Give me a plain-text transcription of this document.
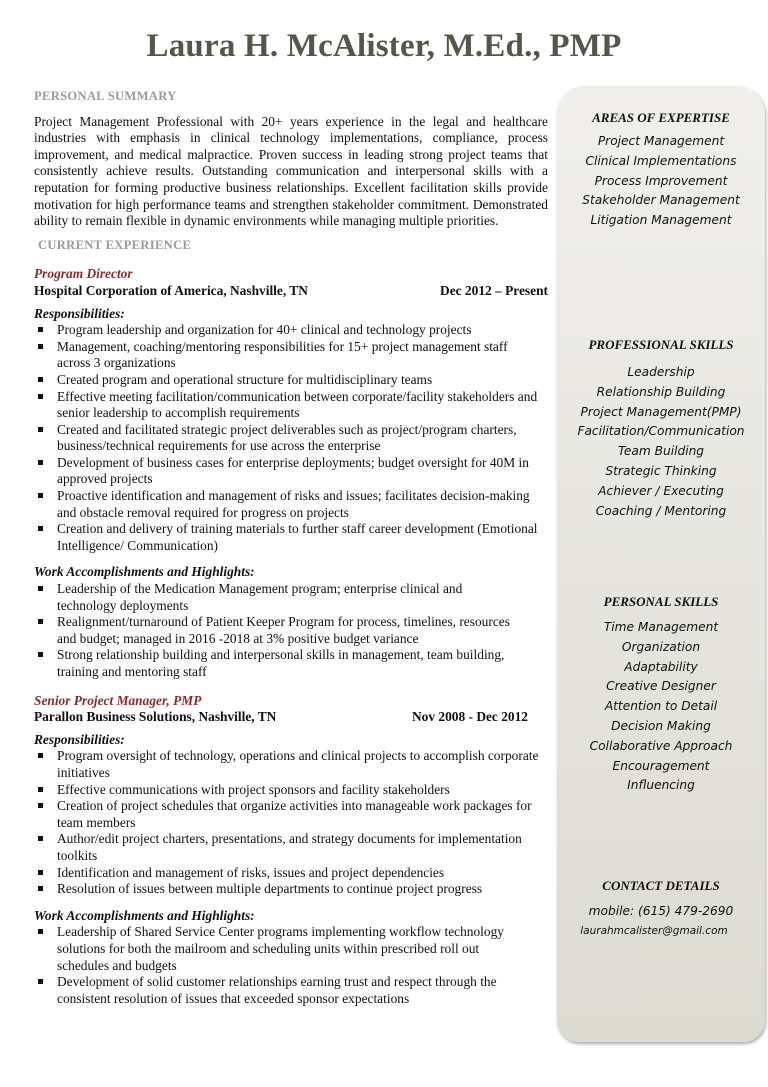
Laura H. McAlister, M.Ed., PMP
PERSONAL SUMMARY
Project Management Professional with 20+ years experience in the legal and healthcare industries with emphasis in clinical technology implementations, compliance, process improvement, and medical malpractice. Proven success in leading strong project teams that consistently achieve results. Outstanding communication and interpersonal skills with a reputation for forming productive business relationships. Excellent facilitation skills provide motivation for high performance teams and strengthen stakeholder commitment. Demonstrated ability to remain flexible in dynamic environments while managing multiple priorities.
CURRENT EXPERIENCE
Program Director
Hospital Corporation of America, Nashville, TN	Dec 2012 – Present
Responsibilities:
Program leadership and organization for 40+ clinical and technology projects
Management, coaching/mentoring responsibilities for 15+ project management staff across 3 organizations
Created program and operational structure for multidisciplinary teams
Effective meeting facilitation/communication between corporate/facility stakeholders and senior leadership to accomplish requirements
Created and facilitated strategic project deliverables such as project/program charters, business/technical requirements for use across the enterprise
Development of business cases for enterprise deployments; budget oversight for 40M in approved projects
Proactive identification and management of risks and issues; facilitates decision-making and obstacle removal required for progress on projects
Creation and delivery of training materials to further staff career development (Emotional Intelligence/ Communication)
Work Accomplishments and Highlights:
Leadership of the Medication Management program; enterprise clinical and technology deployments
Realignment/turnaround of Patient Keeper Program for process, timelines, resources and budget; managed in 2016 -2018 at 3% positive budget variance
Strong relationship building and interpersonal skills in management, team building, training and mentoring staff
Senior Project Manager, PMP
Parallon Business Solutions, Nashville, TN	Nov 2008 - Dec 2012
Responsibilities:
Program oversight of technology, operations and clinical projects to accomplish corporate initiatives
Effective communications with project sponsors and facility stakeholders
Creation of project schedules that organize activities into manageable work packages for team members
Author/edit project charters, presentations, and strategy documents for implementation toolkits
Identification and management of risks, issues and project dependencies
Resolution of issues between multiple departments to continue project progress
Work Accomplishments and Highlights:
Leadership of Shared Service Center programs implementing workflow technology solutions for both the mailroom and scheduling units within prescribed roll out schedules and budgets
Development of solid customer relationships earning trust and respect through the consistent resolution of issues that exceeded sponsor expectations
AREAS OF EXPERTISE
Project Management
Clinical Implementations
Process Improvement
Stakeholder Management
Litigation Management
PROFESSIONAL SKILLS
Leadership
Relationship Building
Project Management(PMP)
Facilitation/Communication
Team Building
Strategic Thinking
Achiever / Executing
Coaching / Mentoring
PERSONAL SKILLS
Time Management
Organization
Adaptability
Creative Designer
Attention to Detail
Decision Making
Collaborative Approach
Encouragement
Influencing
CONTACT DETAILS
mobile: (615) 479-2690
laurahmcalister@gmail.com
